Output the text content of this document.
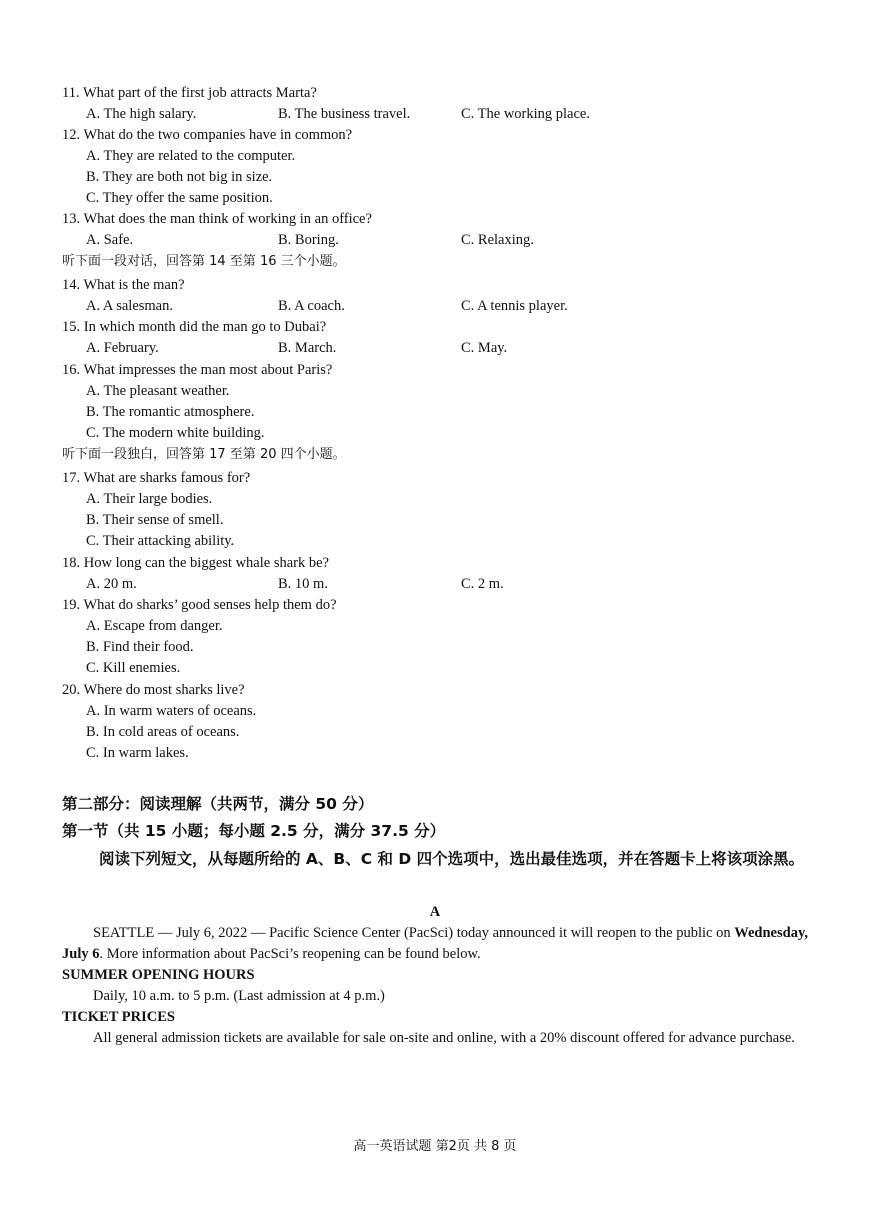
11. What part of the first job attracts Marta?
A. The high salary.	B. The business travel.	C. The working place.
12. What do the two companies have in common?
A. They are related to the computer.
B. They are both not big in size.
C. They offer the same position.
13. What does the man think of working in an office?
A. Safe.	B. Boring.	C. Relaxing.
听下面一段对话，回答第 14 至第 16 三个小题。
14. What is the man?
A. A salesman.	B. A coach.	C. A tennis player.
15. In which month did the man go to Dubai?
A. February.	B. March.	C. May.
16. What impresses the man most about Paris?
A. The pleasant weather.
B. The romantic atmosphere.
C. The modern white building.
听下面一段独白，回答第 17 至第 20 四个小题。
17. What are sharks famous for?
A. Their large bodies.
B. Their sense of smell.
C. Their attacking ability.
18. How long can the biggest whale shark be?
A. 20 m.	B. 10 m.	C. 2 m.
19. What do sharks’ good senses help them do?
A. Escape from danger.
B. Find their food.
C. Kill enemies.
20. Where do most sharks live?
A. In warm waters of oceans.
B. In cold areas of oceans.
C. In warm lakes.
第二部分：阅读理解（共两节，满分 50 分）
第一节（共 15 小题；每小题 2.5 分，满分 37.5 分）
阅读下列短文，从每题所给的 A、B、C 和 D 四个选项中，选出最佳选项，并在答题卡上将该项涂黑。
A
SEATTLE — July 6, 2022 — Pacific Science Center (PacSci) today announced it will reopen to the public on Wednesday, July 6. More information about PacSci’s reopening can be found below.
SUMMER OPENING HOURS
Daily, 10 a.m. to 5 p.m. (Last admission at 4 p.m.)
TICKET PRICES
All general admission tickets are available for sale on-site and online, with a 20% discount offered for advance purchase.
高一英语试题 第2页 共 8 页
